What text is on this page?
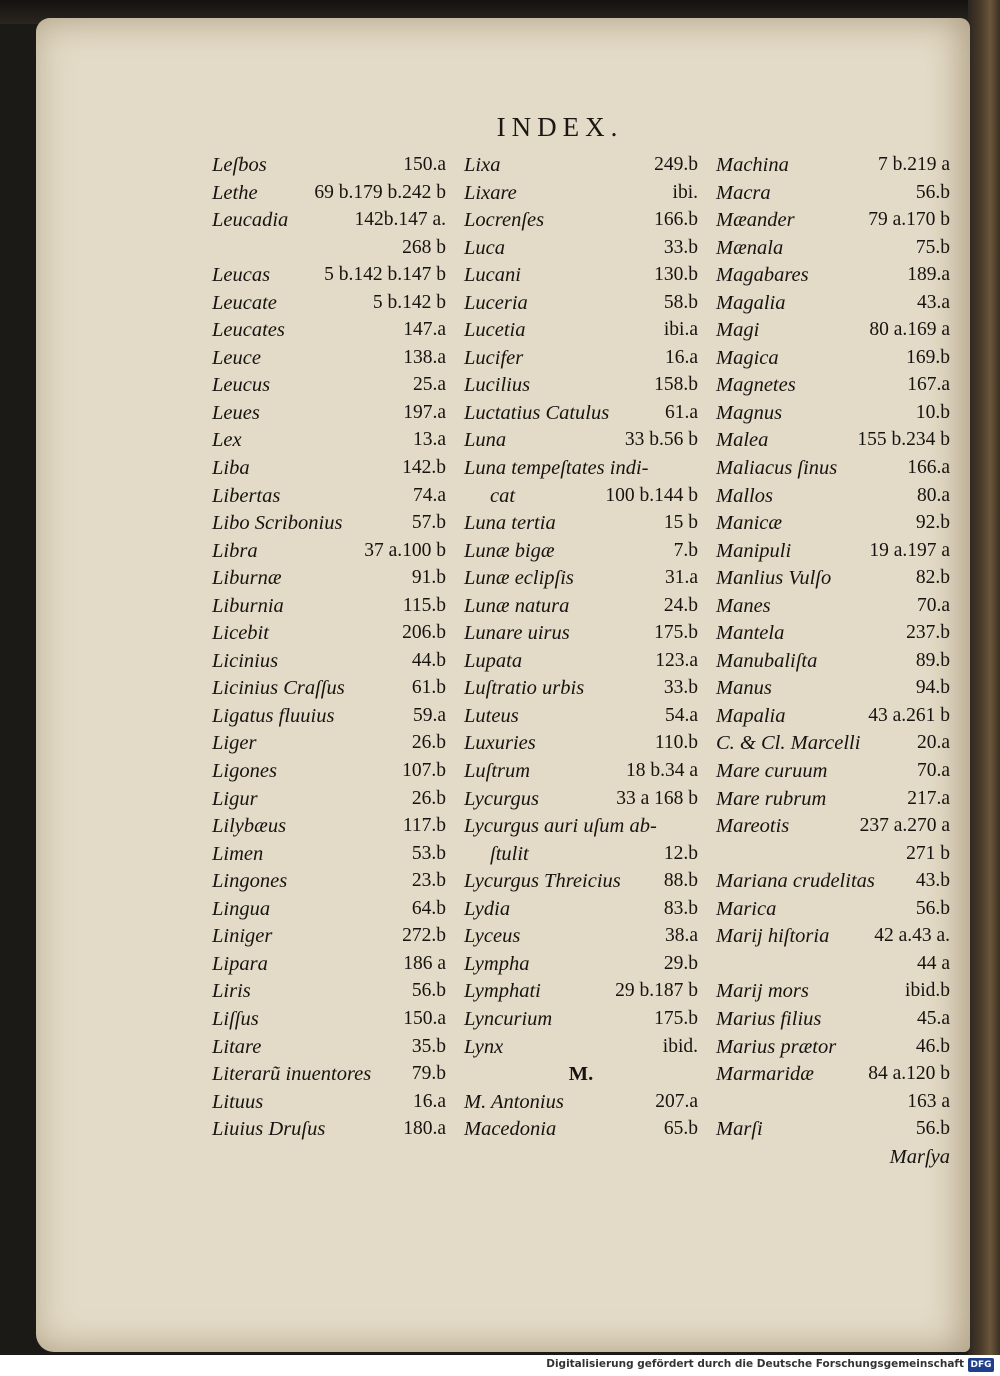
INDEX.
Leſbos	150.a
Lethe	69 b.179 b.242 b
Leucadia	142b.147 a.
268 b
Leucas	5 b.142 b.147 b
Leucate	5 b.142 b
Leucates	147.a
Leuce	138.a
Leucus	25.a
Leues	197.a
Lex	13.a
Liba	142.b
Libertas	74.a
Libo Scribonius	57.b
Libra	37 a.100 b
Liburnæ	91.b
Liburnia	115.b
Licebit	206.b
Licinius	44.b
Licinius Craſſus	61.b
Ligatus fluuius	59.a
Liger	26.b
Ligones	107.b
Ligur	26.b
Lilybæus	117.b
Limen	53.b
Lingones	23.b
Lingua	64.b
Liniger	272.b
Lipara	186 a
Liris	56.b
Liſſus	150.a
Litare	35.b
Literarũ inuentores 79.b
Lituus	16.a
Liuius Druſus	180.a
Lixa	249.b
Lixare	ibi.
Locrenſes	166.b
Luca	33.b
Lucani	130.b
Luceria	58.b
Lucetia	ibi.a
Lucifer	16.a
Lucilius	158.b
Luctatius Catulus	61.a
Luna	33 b.56 b
Luna tempeſtates indi-
cat	100 b.144 b
Luna tertia	15 b
Lunæ bigæ	7.b
Lunæ eclipſis	31.a
Lunæ natura	24.b
Lunare uirus	175.b
Lupata	123.a
Luſtratio urbis	33.b
Luteus	54.a
Luxuries	110.b
Luſtrum	18 b.34 a
Lycurgus	33 a 168 b
Lycurgus auri uſum ab-
ſtulit	12.b
Lycurgus Threicius 88.b
Lydia	83.b
Lyceus	38.a
Lympha	29.b
Lymphati	29 b.187 b
Lyncurium	175.b
Lynx	ibid.
M.
M. Antonius	207.a
Macedonia	65.b
Machina	7 b.219 a
Macra	56.b
Mæander	79 a.170 b
Mænala	75.b
Magabares	189.a
Magalia	43.a
Magi	80 a.169 a
Magica	169.b
Magnetes	167.a
Magnus	10.b
Malea	155 b.234 b
Maliacus ſinus	166.a
Mallos	80.a
Manicæ	92.b
Manipuli	19 a.197 a
Manlius Vulſo	82.b
Manes	70.a
Mantela	237.b
Manubaliſta	89.b
Manus	94.b
Mapalia	43 a.261 b
C. & Cl. Marcelli	20.a
Mare curuum	70.a
Mare rubrum	217.a
Mareotis	237 a.270 a
271 b
Mariana crudelitas 43.b
Marica	56.b
Marij hiſtoria 42 a.43 a.
44 a
Marij mors	ibid.b
Marius filius	45.a
Marius prætor	46.b
Marmaridæ	84 a.120 b
163 a
Marſi	56.b
Marſya
Digitalisierung gefördert durch die Deutsche Forschungsgemeinschaft DFG
